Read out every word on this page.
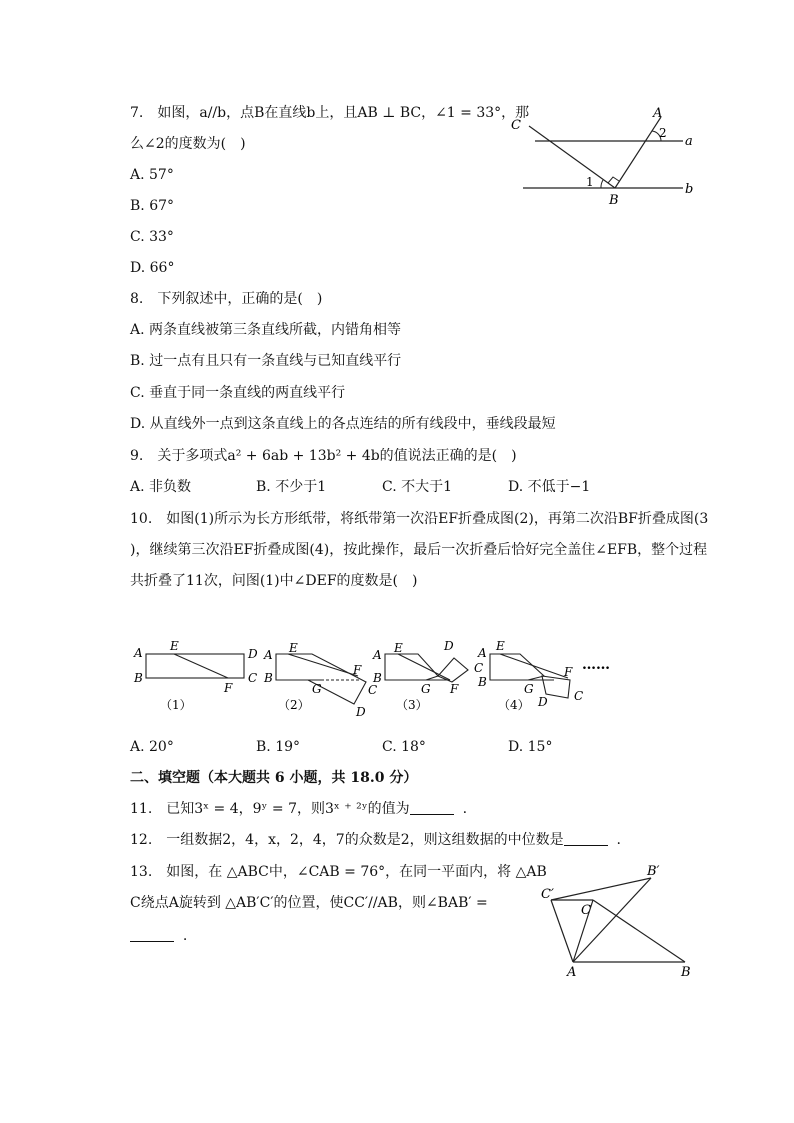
7.　如图，a//b，点B在直线b上，且AB ⊥ BC，∠1 = 33°，那
么∠2的度数为(　)
A. 57°
B. 67°
C. 33°
D. 66°
C
A
2
a
1
B
b
8.　下列叙述中，正确的是(　)
A. 两条直线被第三条直线所截，内错角相等
B. 过一点有且只有一条直线与已知直线平行
C. 垂直于同一条直线的两直线平行
D. 从直线外一点到这条直线上的各点连结的所有线段中，垂线段最短
9.　关于多项式a² + 6ab + 13b² + 4b的值说法正确的是(　)
A. 非负数	B. 不少于1	C. 不大于1	D. 不低于−1
10.　如图(1)所示为长方形纸带，将纸带第一次沿EF折叠成图(2)，再第二次沿BF折叠成图(3
)，继续第三次沿EF折叠成图(4)，按此操作，最后一次折叠后恰好完全盖住∠EFB，整个过程
共折叠了11次，问图(1)中∠DEF的度数是(　)
A E
D
B
F
C
（1）
A E
B
F
G	C
D
（2）
A E	D
B
G F
（3）
A E
C
B	G
F
D C
（4）
……
A. 20°	B. 19°	C. 18°	D. 15°
二、填空题（本大题共 6 小题，共 18.0 分）
11.　已知3ˣ = 4，9ʸ = 7，则3ˣ ⁺ ²ʸ的值为	.
12.　一组数据2，4，x，2，4，7的众数是2，则这组数据的中位数是	.
13.　如图，在 △ABC中，∠CAB = 76°，在同一平面内，将 △AB
C绕点A旋转到 △AB′C′的位置，使CC′//AB，则∠BAB′ =
.
B′
C′
C
A	B
